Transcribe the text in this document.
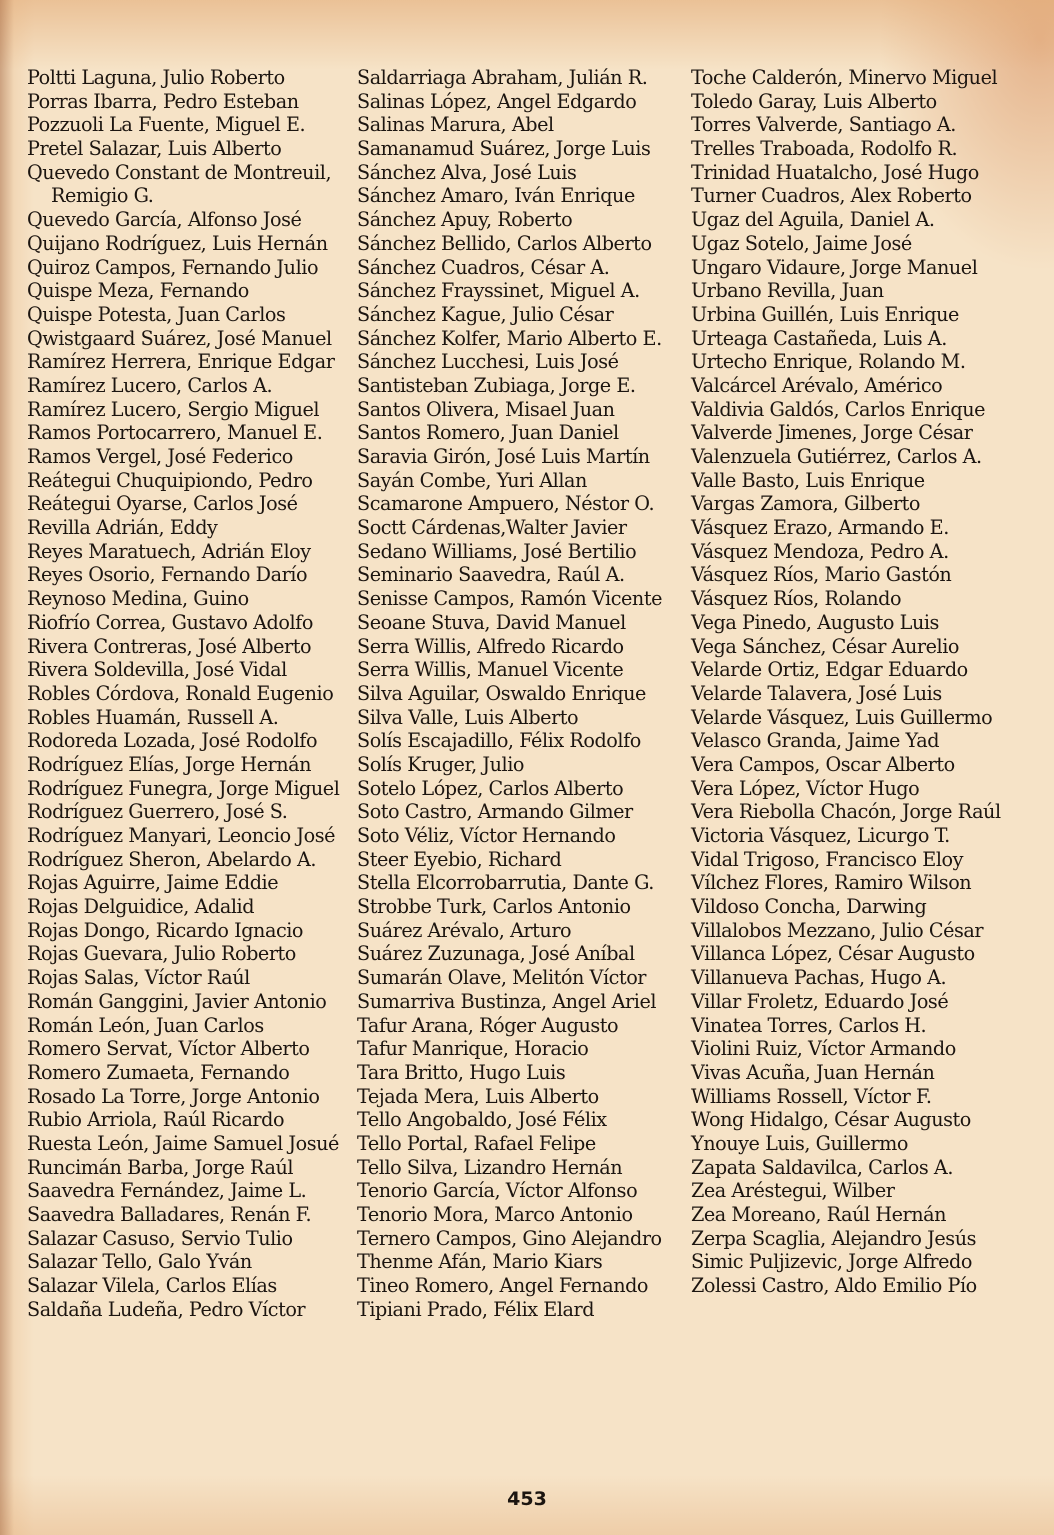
Poltti Laguna, Julio Roberto
Porras Ibarra, Pedro Esteban
Pozzuoli La Fuente, Miguel E.
Pretel Salazar, Luis Alberto
Quevedo Constant de Montreuil,
Remigio G.
Quevedo García, Alfonso José
Quijano Rodríguez, Luis Hernán
Quiroz Campos, Fernando Julio
Quispe Meza, Fernando
Quispe Potesta, Juan Carlos
Qwistgaard Suárez, José Manuel
Ramírez Herrera, Enrique Edgar
Ramírez Lucero, Carlos A.
Ramírez Lucero, Sergio Miguel
Ramos Portocarrero, Manuel E.
Ramos Vergel, José Federico
Reátegui Chuquipiondo, Pedro
Reátegui Oyarse, Carlos José
Revilla Adrián, Eddy
Reyes Maratuech, Adrián Eloy
Reyes Osorio, Fernando Darío
Reynoso Medina, Guino
Riofrío Correa, Gustavo Adolfo
Rivera Contreras, José Alberto
Rivera Soldevilla, José Vidal
Robles Córdova, Ronald Eugenio
Robles Huamán, Russell A.
Rodoreda Lozada, José Rodolfo
Rodríguez Elías, Jorge Hernán
Rodríguez Funegra, Jorge Miguel
Rodríguez Guerrero, José S.
Rodríguez Manyari, Leoncio José
Rodríguez Sheron, Abelardo A.
Rojas Aguirre, Jaime Eddie
Rojas Delguidice, Adalid
Rojas Dongo, Ricardo Ignacio
Rojas Guevara, Julio Roberto
Rojas Salas, Víctor Raúl
Román Ganggini, Javier Antonio
Román León, Juan Carlos
Romero Servat, Víctor Alberto
Romero Zumaeta, Fernando
Rosado La Torre, Jorge Antonio
Rubio Arriola, Raúl Ricardo
Ruesta León, Jaime Samuel Josué
Runcimán Barba, Jorge Raúl
Saavedra Fernández, Jaime L.
Saavedra Balladares, Renán F.
Salazar Casuso, Servio Tulio
Salazar Tello, Galo Yván
Salazar Vilela, Carlos Elías
Saldaña Ludeña, Pedro Víctor
Saldarriaga Abraham, Julián R.
Salinas López, Angel Edgardo
Salinas Marura, Abel
Samanamud Suárez, Jorge Luis
Sánchez Alva, José Luis
Sánchez Amaro, Iván Enrique
Sánchez Apuy, Roberto
Sánchez Bellido, Carlos Alberto
Sánchez Cuadros, César A.
Sánchez Frayssinet, Miguel A.
Sánchez Kague, Julio César
Sánchez Kolfer, Mario Alberto E.
Sánchez Lucchesi, Luis José
Santisteban Zubiaga, Jorge E.
Santos Olivera, Misael Juan
Santos Romero, Juan Daniel
Saravia Girón, José Luis Martín
Sayán Combe, Yuri Allan
Scamarone Ampuero, Néstor O.
Soctt Cárdenas,Walter Javier
Sedano Williams, José Bertilio
Seminario Saavedra, Raúl A.
Senisse Campos, Ramón Vicente
Seoane Stuva, David Manuel
Serra Willis, Alfredo Ricardo
Serra Willis, Manuel Vicente
Silva Aguilar, Oswaldo Enrique
Silva Valle, Luis Alberto
Solís Escajadillo, Félix Rodolfo
Solís Kruger, Julio
Sotelo López, Carlos Alberto
Soto Castro, Armando Gilmer
Soto Véliz, Víctor Hernando
Steer Eyebio, Richard
Stella Elcorrobarrutia, Dante G.
Strobbe Turk, Carlos Antonio
Suárez Arévalo, Arturo
Suárez Zuzunaga, José Aníbal
Sumarán Olave, Melitón Víctor
Sumarriva Bustinza, Angel Ariel
Tafur Arana, Róger Augusto
Tafur Manrique, Horacio
Tara Britto, Hugo Luis
Tejada Mera, Luis Alberto
Tello Angobaldo, José Félix
Tello Portal, Rafael Felipe
Tello Silva, Lizandro Hernán
Tenorio García, Víctor Alfonso
Tenorio Mora, Marco Antonio
Ternero Campos, Gino Alejandro
Thenme Afán, Mario Kiars
Tineo Romero, Angel Fernando
Tipiani Prado, Félix Elard
Toche Calderón, Minervo Miguel
Toledo Garay, Luis Alberto
Torres Valverde, Santiago A.
Trelles Traboada, Rodolfo R.
Trinidad Huatalcho, José Hugo
Turner Cuadros, Alex Roberto
Ugaz del Aguila, Daniel A.
Ugaz Sotelo, Jaime José
Ungaro Vidaure, Jorge Manuel
Urbano Revilla, Juan
Urbina Guillén, Luis Enrique
Urteaga Castañeda, Luis A.
Urtecho Enrique, Rolando M.
Valcárcel Arévalo, Américo
Valdivia Galdós, Carlos Enrique
Valverde Jimenes, Jorge César
Valenzuela Gutiérrez, Carlos A.
Valle Basto, Luis Enrique
Vargas Zamora, Gilberto
Vásquez Erazo, Armando E.
Vásquez Mendoza, Pedro A.
Vásquez Ríos, Mario Gastón
Vásquez Ríos, Rolando
Vega Pinedo, Augusto Luis
Vega Sánchez, César Aurelio
Velarde Ortiz, Edgar Eduardo
Velarde Talavera, José Luis
Velarde Vásquez, Luis Guillermo
Velasco Granda, Jaime Yad
Vera Campos, Oscar Alberto
Vera López, Víctor Hugo
Vera Riebolla Chacón, Jorge Raúl
Victoria Vásquez, Licurgo T.
Vidal Trigoso, Francisco Eloy
Vílchez Flores, Ramiro Wilson
Vildoso Concha, Darwing
Villalobos Mezzano, Julio César
Villanca López, César Augusto
Villanueva Pachas, Hugo A.
Villar Froletz, Eduardo José
Vinatea Torres, Carlos H.
Violini Ruiz, Víctor Armando
Vivas Acuña, Juan Hernán
Williams Rossell, Víctor F.
Wong Hidalgo, César Augusto
Ynouye Luis, Guillermo
Zapata Saldavilca, Carlos A.
Zea Aréstegui, Wilber
Zea Moreano, Raúl Hernán
Zerpa Scaglia, Alejandro Jesús
Simic Puljizevic, Jorge Alfredo
Zolessi Castro, Aldo Emilio Pío
453
